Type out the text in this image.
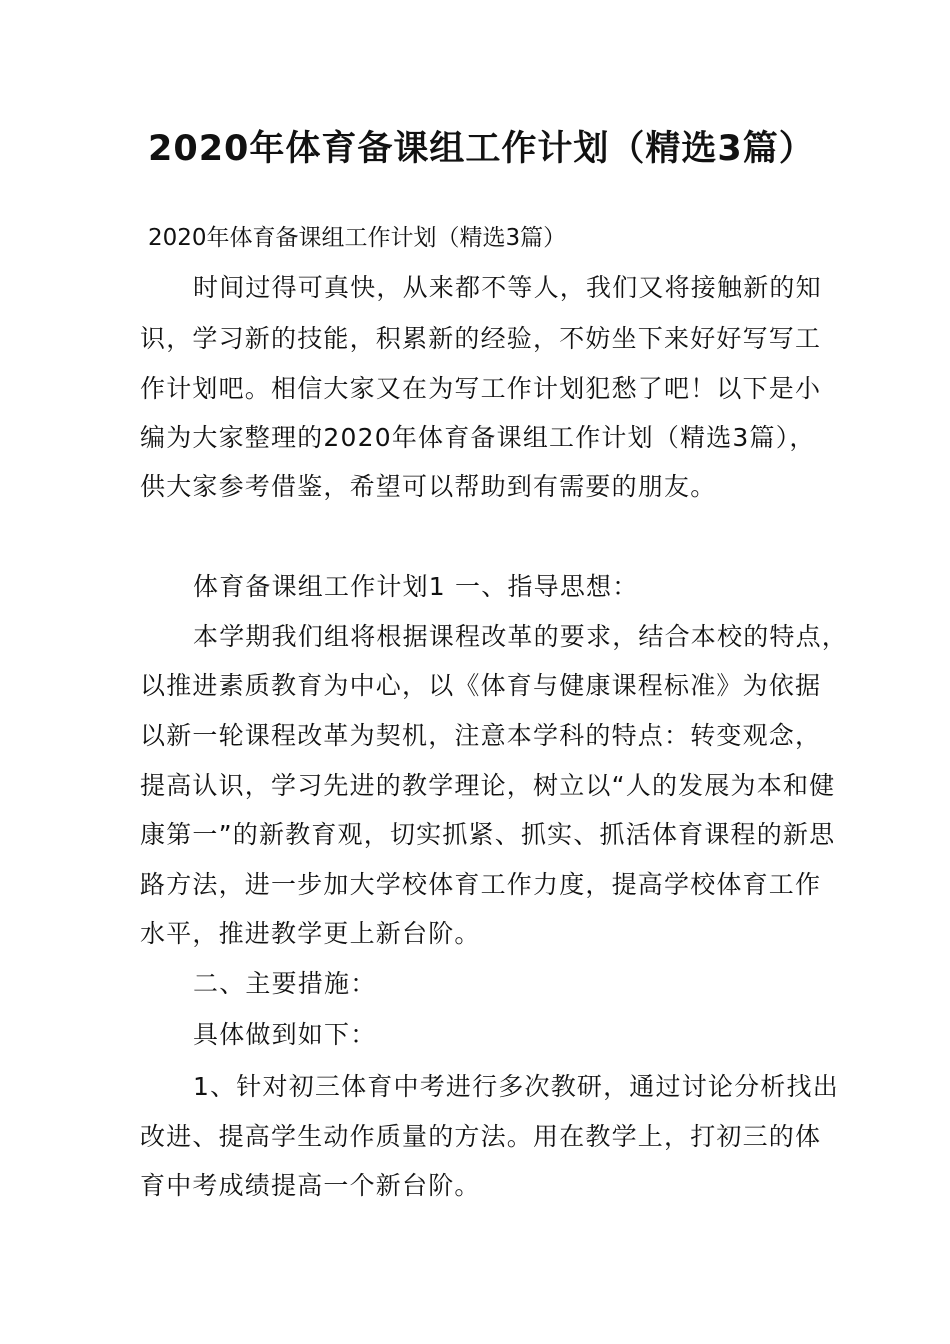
2020年体育备课组工作计划（精选3篇）
2020年体育备课组工作计划（精选3篇）
时间过得可真快，从来都不等人，我们又将接触新的知
识，学习新的技能，积累新的经验，不妨坐下来好好写写工
作计划吧。相信大家又在为写工作计划犯愁了吧！以下是小
编为大家整理的2020年体育备课组工作计划（精选3篇），
供大家参考借鉴，希望可以帮助到有需要的朋友。
体育备课组工作计划1 一、指导思想：
本学期我们组将根据课程改革的要求，结合本校的特点，
以推进素质教育为中心，以《体育与健康课程标准》为依据
以新一轮课程改革为契机，注意本学科的特点：转变观念，
提高认识，学习先进的教学理论，树立以“人的发展为本和健
康第一”的新教育观，切实抓紧、抓实、抓活体育课程的新思
路方法，进一步加大学校体育工作力度，提高学校体育工作
水平，推进教学更上新台阶。
二、主要措施：
具体做到如下：
1、针对初三体育中考进行多次教研，通过讨论分析找出
改进、提高学生动作质量的方法。用在教学上，打初三的体
育中考成绩提高一个新台阶。
